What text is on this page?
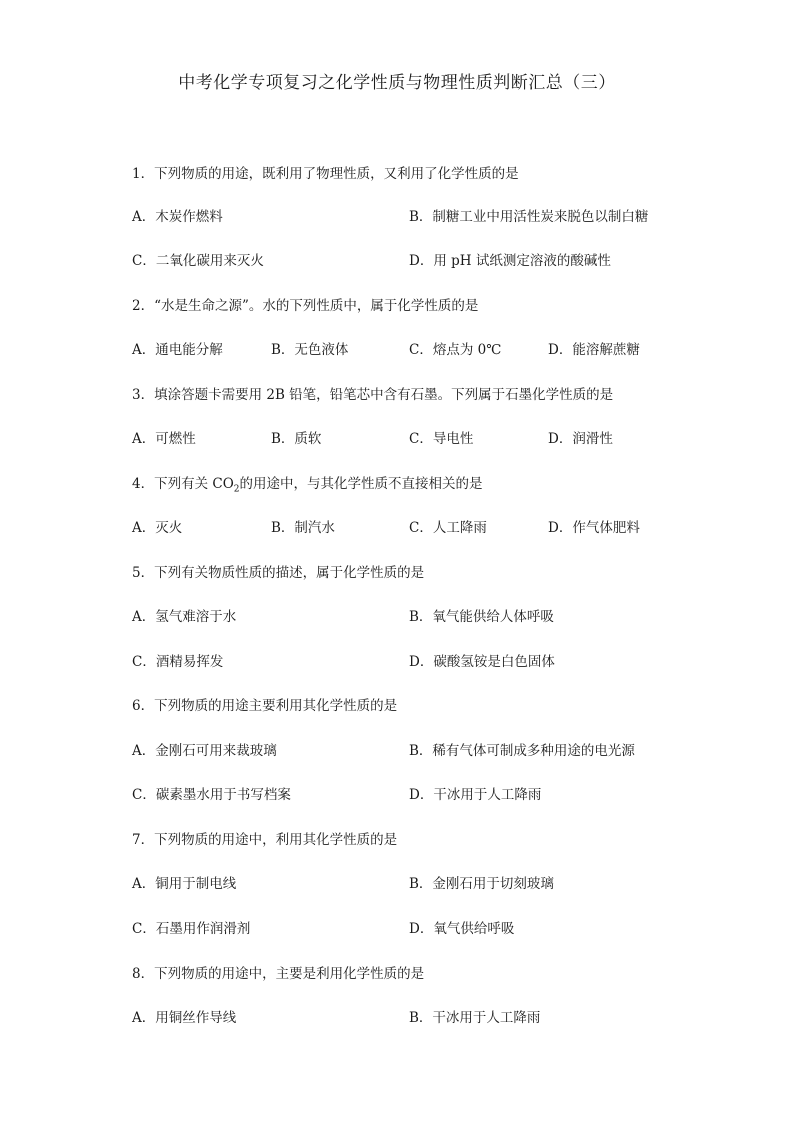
中考化学专项复习之化学性质与物理性质判断汇总（三）
1．下列物质的用途，既利用了物理性质，又利用了化学性质的是
A．木炭作燃料	B．制糖工业中用活性炭来脱色以制白糖
C．二氧化碳用来灭火	D．用 pH 试纸测定溶液的酸碱性
2．“水是生命之源”。水的下列性质中，属于化学性质的是
A．通电能分解	B．无色液体	C．熔点为 0℃	D．能溶解蔗糖
3．填涂答题卡需要用 2B 铅笔，铅笔芯中含有石墨。下列属于石墨化学性质的是
A．可燃性	B．质软	C．导电性	D．润滑性
4．下列有关 $CO_2$的用途中，与其化学性质不直接相关的是
A．灭火	B．制汽水	C．人工降雨	D．作气体肥料
5．下列有关物质性质的描述，属于化学性质的是
A．氢气难溶于水	B．氧气能供给人体呼吸
C．酒精易挥发	D．碳酸氢铵是白色固体
6．下列物质的用途主要利用其化学性质的是
A．金刚石可用来裁玻璃	B．稀有气体可制成多种用途的电光源
C．碳素墨水用于书写档案	D．干冰用于人工降雨
7．下列物质的用途中，利用其化学性质的是
A．铜用于制电线	B．金刚石用于切刻玻璃
C．石墨用作润滑剂	D．氧气供给呼吸
8．下列物质的用途中，主要是利用化学性质的是
A．用铜丝作导线	B．干冰用于人工降雨
